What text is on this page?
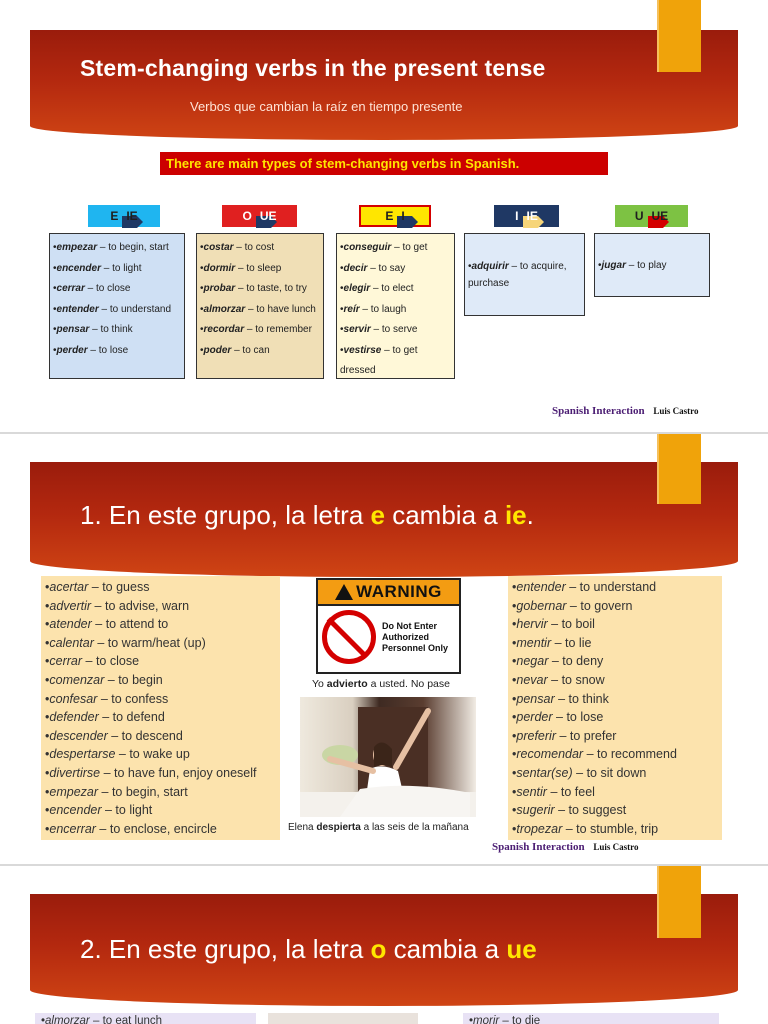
Stem-changing verbs in the present tense
Verbos que cambian la raíz en tiempo presente
There are main types of stem-changing verbs in Spanish.
E IE	O UE	E I	I IE	U UE
•empezar – to begin, start
•encender – to light
•cerrar – to close
•entender – to understand
•pensar – to think
•perder – to lose
•costar – to cost
•dormir – to sleep
•probar – to taste, to try
•almorzar – to have lunch
•recordar – to remember
•poder – to can
•conseguir – to get
•decir – to say
•elegir – to elect
•reír – to laugh
•servir – to serve
•vestirse – to get dressed
•adquirir – to acquire, purchase
•jugar – to play
Spanish Interaction Luis Castro
1. En este grupo, la letra e cambia a ie.
•acertar – to guess
•advertir – to advise, warn
•atender – to attend to
•calentar – to warm/heat (up)
•cerrar – to close
•comenzar – to begin
•confesar – to confess
•defender – to defend
•descender – to descend
•despertarse – to wake up
•divertirse – to have fun, enjoy oneself
•empezar – to begin, start
•encender – to light
•encerrar – to enclose, encircle
•entender – to understand
•gobernar – to govern
•hervir – to boil
•mentir – to lie
•negar – to deny
•nevar – to snow
•pensar – to think
•perder – to lose
•preferir – to prefer
•recomendar – to recommend
•sentar(se) – to sit down
•sentir – to feel
•sugerir – to suggest
•tropezar – to stumble, trip
WARNING
Do Not Enter
Authorized
Personnel Only
Yo advierto a usted. No pase
Elena despierta a las seis de la mañana
Spanish Interaction Luis Castro
2. En este grupo, la letra o cambia a ue
•almorzar – to eat lunch	•morir – to die
